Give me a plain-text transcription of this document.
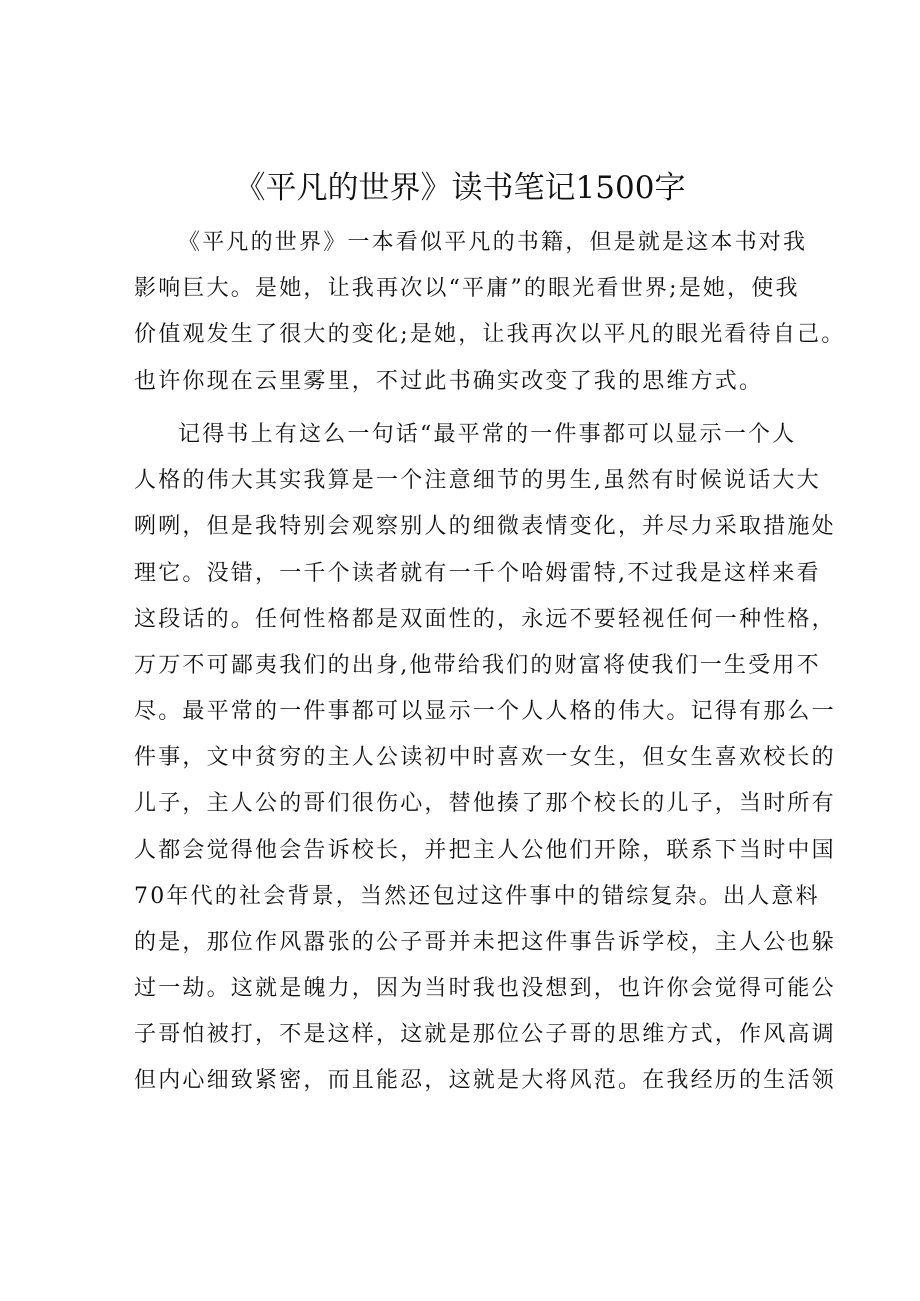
《平凡的世界》读书笔记1500字

《平凡的世界》一本看似平凡的书籍，但是就是这本书对我

影响巨大。是她，让我再次以“平庸”的眼光看世界;是她，使我

价值观发生了很大的变化;是她，让我再次以平凡的眼光看待自己。

也许你现在云里雾里，不过此书确实改变了我的思维方式。

记得书上有这么一句话“最平常的一件事都可以显示一个人

人格的伟大其实我算是一个注意细节的男生,虽然有时候说话大大

咧咧，但是我特别会观察别人的细微表情变化，并尽力采取措施处

理它。没错，一千个读者就有一千个哈姆雷特,不过我是这样来看

这段话的。任何性格都是双面性的，永远不要轻视任何一种性格，

万万不可鄙夷我们的出身,他带给我们的财富将使我们一生受用不

尽。最平常的一件事都可以显示一个人人格的伟大。记得有那么一

件事，文中贫穷的主人公读初中时喜欢一女生，但女生喜欢校长的

儿子，主人公的哥们很伤心，替他揍了那个校长的儿子，当时所有

人都会觉得他会告诉校长，并把主人公他们开除，联系下当时中国

70年代的社会背景，当然还包过这件事中的错综复杂。出人意料

的是，那位作风嚣张的公子哥并未把这件事告诉学校，主人公也躲

过一劫。这就是魄力，因为当时我也没想到，也许你会觉得可能公

子哥怕被打，不是这样，这就是那位公子哥的思维方式，作风高调

但内心细致紧密，而且能忍，这就是大将风范。在我经历的生活领
